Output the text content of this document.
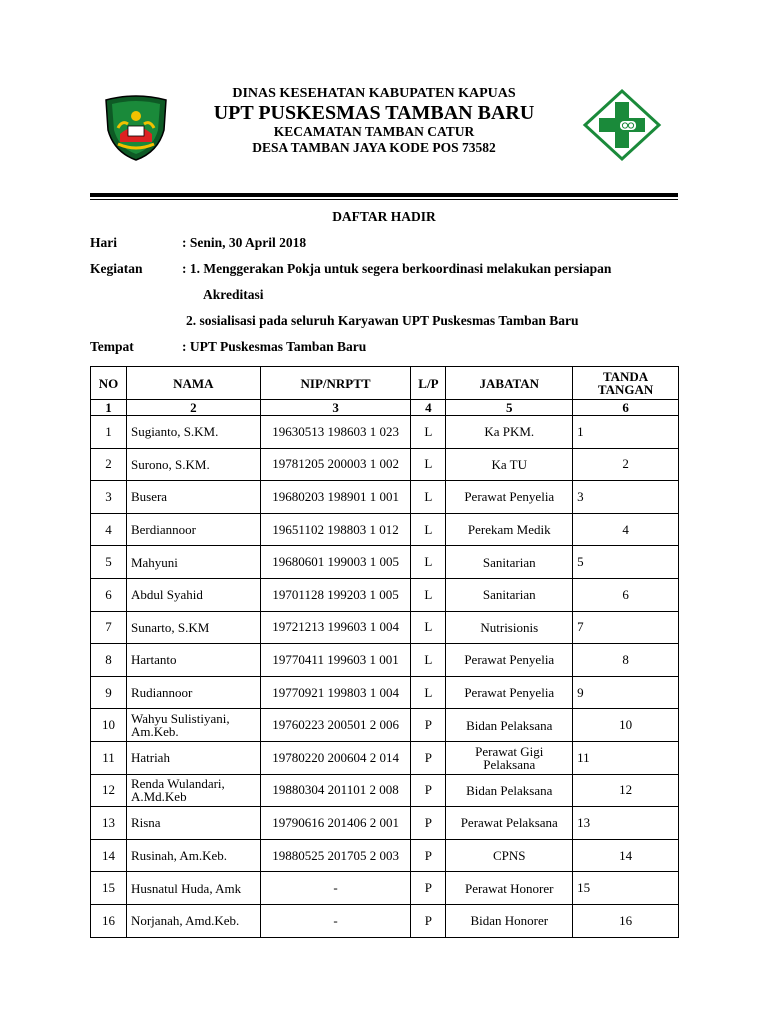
DINAS KESEHATAN KABUPATEN KAPUAS
UPT PUSKESMAS TAMBAN BARU
KECAMATAN TAMBAN CATUR
DESA TAMBAN JAYA KODE POS 73582
DAFTAR HADIR
Hari	: Senin, 30 April 2018
Kegiatan	: 1. Menggerakan Pokja untuk segera berkoordinasi melakukan persiapan
Akreditasi
2. sosialisasi pada seluruh Karyawan UPT Puskesmas Tamban Baru
Tempat	: UPT Puskesmas Tamban Baru
NO	NAMA	NIP/NRPTT	L/P	JABATAN	TANDA TANGAN
1	2	3	4	5	6
1	Sugianto, S.KM.	19630513 198603 1 023	L	Ka PKM.	1
2	Surono, S.KM.	19781205 200003 1 002	L	Ka TU	2
3	Busera	19680203 198901 1 001	L	Perawat Penyelia	3
4	Berdiannoor	19651102 198803 1 012	L	Perekam Medik	4
5	Mahyuni	19680601 199003 1 005	L	Sanitarian	5
6	Abdul Syahid	19701128 199203 1 005	L	Sanitarian	6
7	Sunarto, S.KM	19721213 199603 1 004	L	Nutrisionis	7
8	Hartanto	19770411 199603 1 001	L	Perawat Penyelia	8
9	Rudiannoor	19770921 199803 1 004	L	Perawat Penyelia	9
10	Wahyu Sulistiyani, Am.Keb.	19760223 200501 2 006	P	Bidan Pelaksana	10
11	Hatriah	19780220 200604 2 014	P	Perawat Gigi Pelaksana	11
12	Renda Wulandari, A.Md.Keb	19880304 201101 2 008	P	Bidan Pelaksana	12
13	Risna	19790616 201406 2 001	P	Perawat Pelaksana	13
14	Rusinah, Am.Keb.	19880525 201705 2 003	P	CPNS	14
15	Husnatul Huda, Amk	-	P	Perawat Honorer	15
16	Norjanah, Amd.Keb.	-	P	Bidan Honorer	16
